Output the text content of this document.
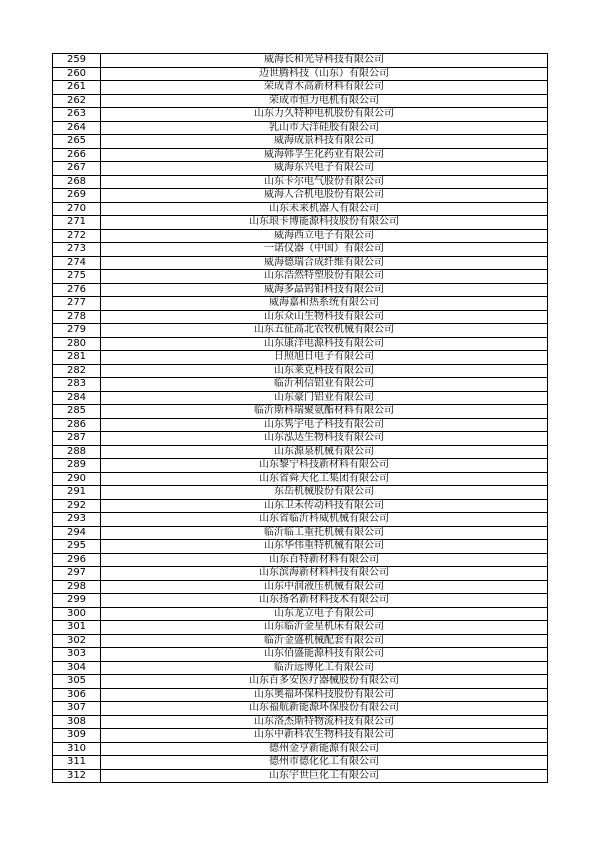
259	威海长和光导科技有限公司
260	迈世腾科技（山东）有限公司
261	荣成青木高新材料有限公司
262	荣成市恒力电机有限公司
263	山东力久特种电机股份有限公司
264	乳山市大洋硅胶有限公司
265	威海成景科技有限公司
266	威海韩孚生化药业有限公司
267	威海东兴电子有限公司
268	山东卡尔电气股份有限公司
269	威海人合机电股份有限公司
270	山东未来机器人有限公司
271	山东琅卡博能源科技股份有限公司
272	威海西立电子有限公司
273	一诺仪器（中国）有限公司
274	威海德瑞合成纤维有限公司
275	山东浩然特塑股份有限公司
276	威海多晶钨钼科技有限公司
277	威海嘉和热系统有限公司
278	山东众山生物科技有限公司
279	山东五征高北农牧机械有限公司
280	山东康洋电源科技有限公司
281	日照旭日电子有限公司
282	山东莱克科技有限公司
283	临沂利信铝业有限公司
284	山东豪门铝业有限公司
285	临沂斯科瑞聚氨酯材料有限公司
286	山东隽宇电子科技有限公司
287	山东泓达生物科技有限公司
288	山东源泉机械有限公司
289	山东黎宁科技新材料有限公司
290	山东省舜天化工集团有限公司
291	东岳机械股份有限公司
292	山东卫禾传动科技有限公司
293	山东省临沂科威机械有限公司
294	临沂临工重托机械有限公司
295	山东华伟重特机械有限公司
296	山东百特新材料有限公司
297	山东滨海新材料科技有限公司
298	山东中润液压机械有限公司
299	山东扬名新材料技术有限公司
300	山东龙立电子有限公司
301	山东临沂金星机床有限公司
302	临沂金盛机械配套有限公司
303	山东佰盛能源科技有限公司
304	临沂远博化工有限公司
305	山东百多安医疗器械股份有限公司
306	山东奥福环保科技股份有限公司
307	山东福航新能源环保股份有限公司
308	山东洛杰斯特物流科技有限公司
309	山东中新科农生物科技有限公司
310	德州金亨新能源有限公司
311	德州市德化化工有限公司
312	山东宇世巨化工有限公司
